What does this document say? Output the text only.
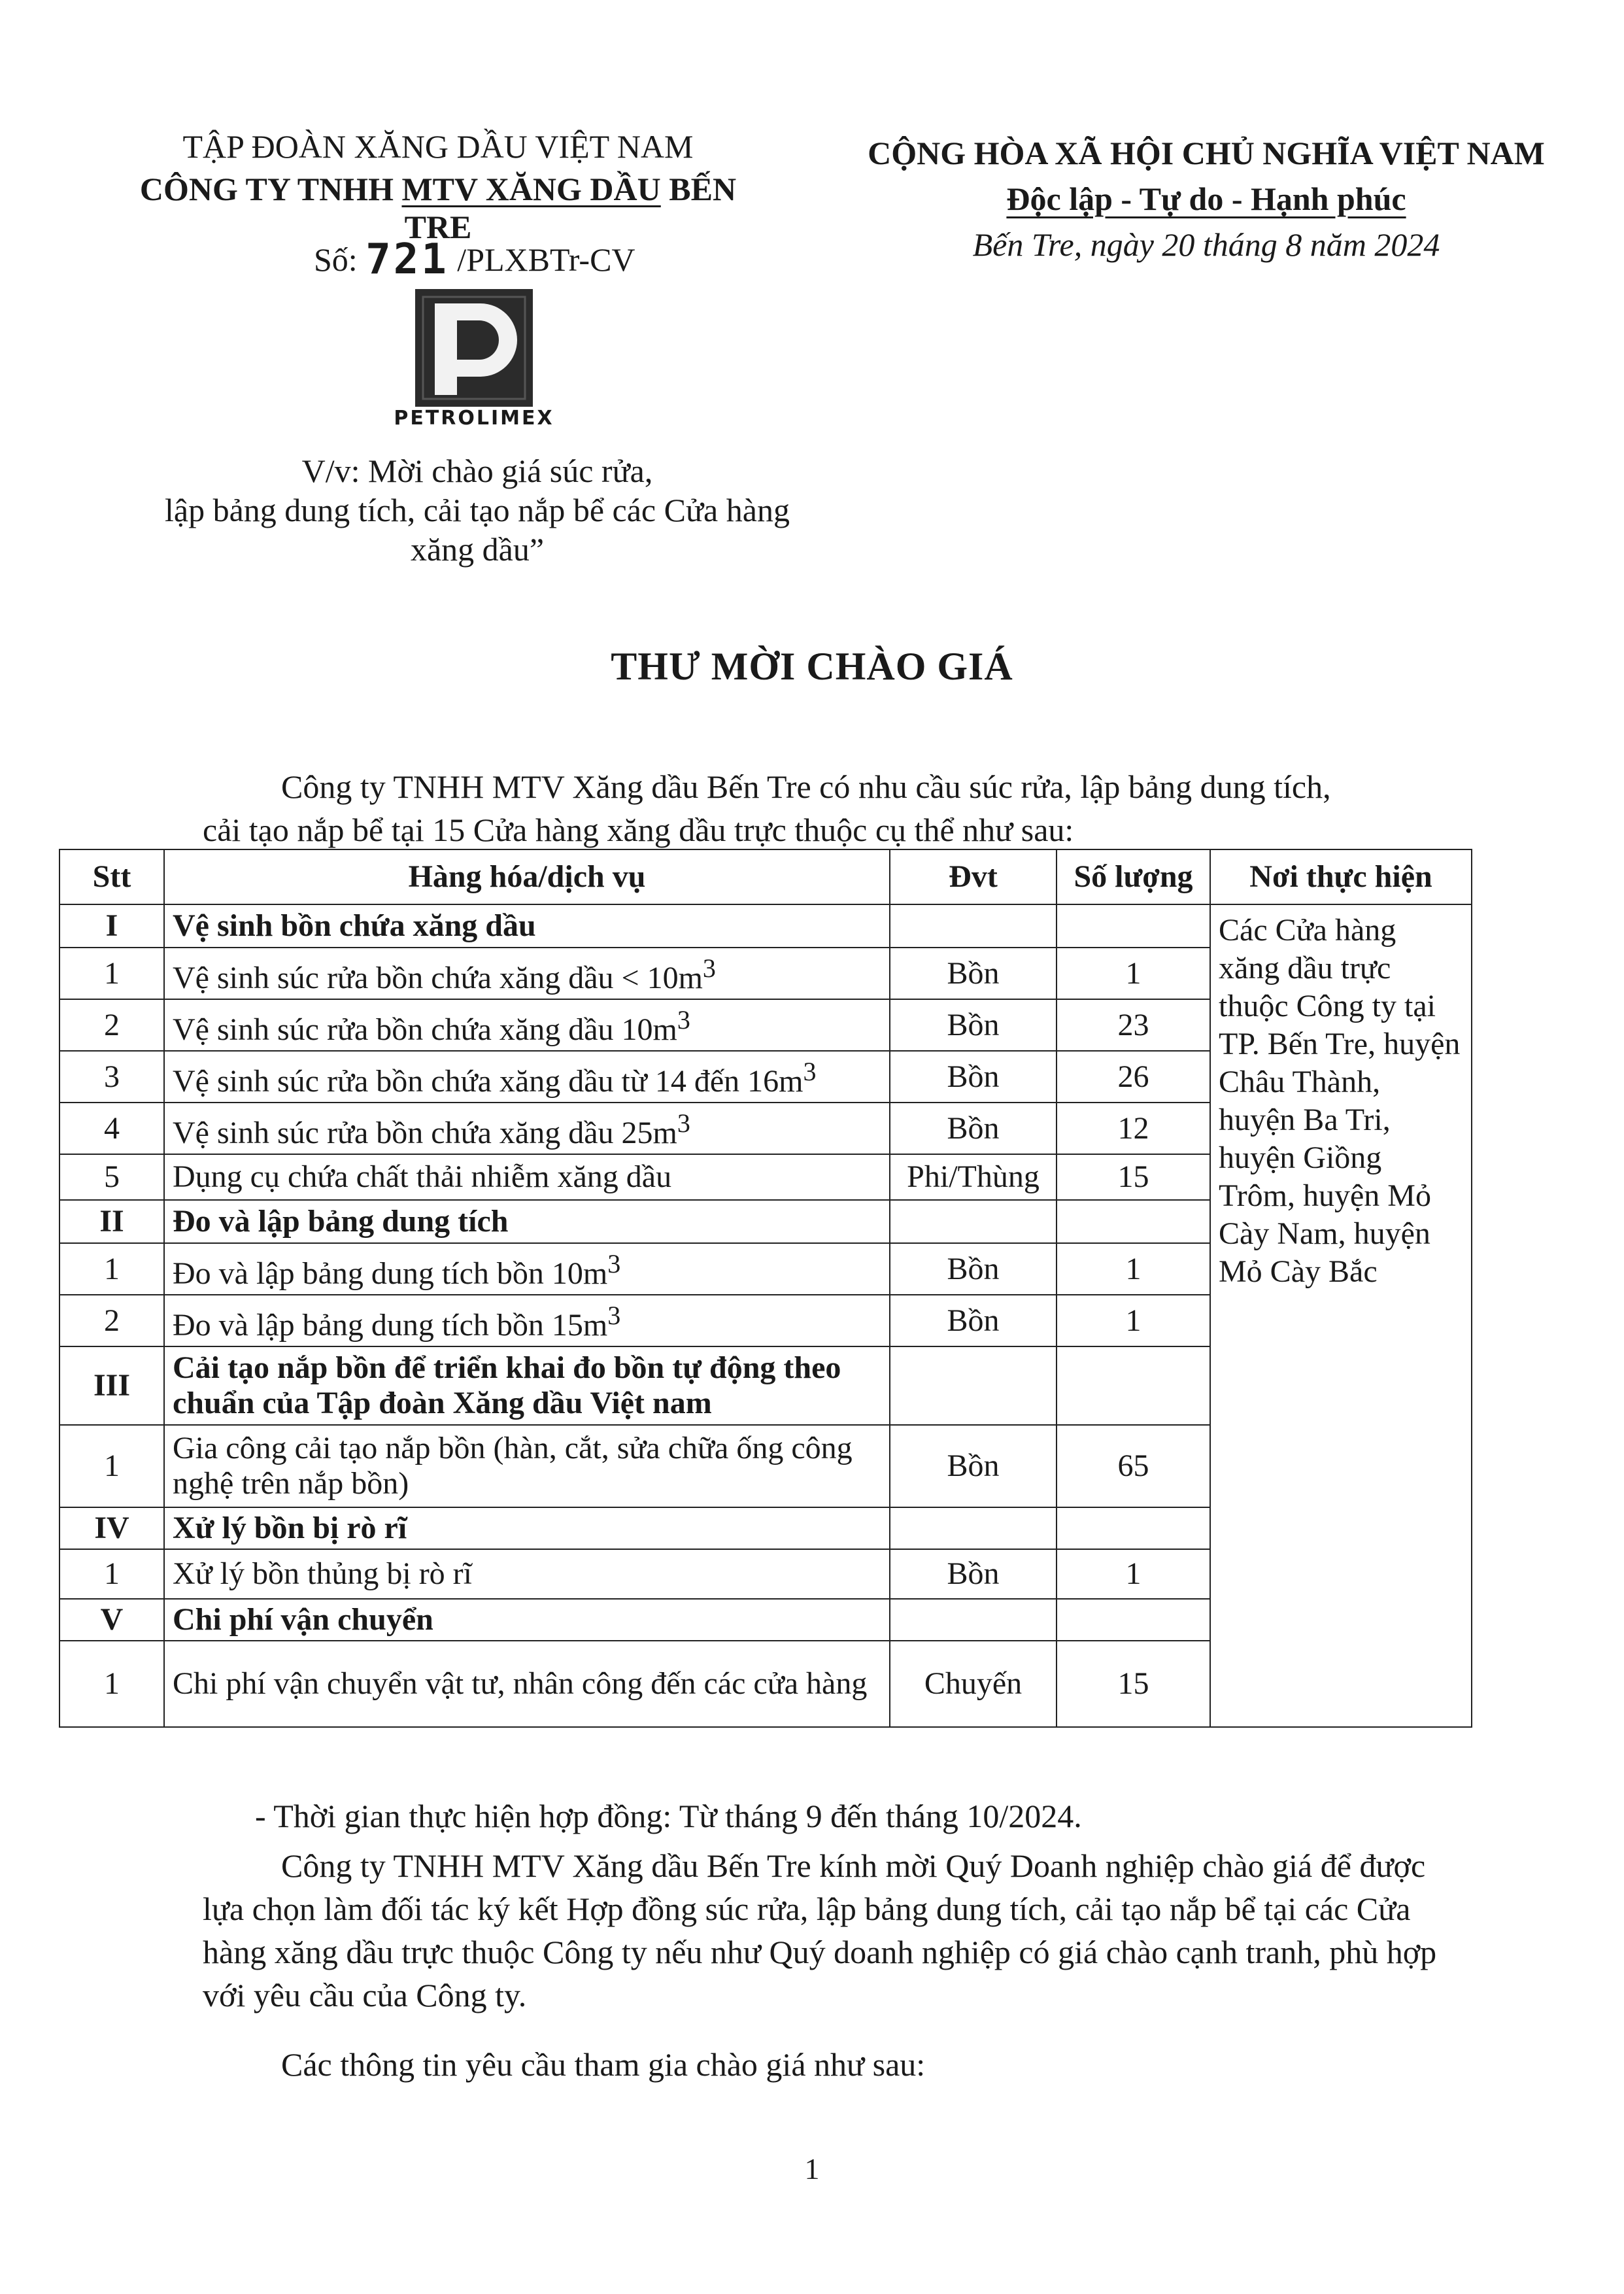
TẬP ĐOÀN XĂNG DẦU VIỆT NAM
CÔNG TY TNHH MTV XĂNG DẦU BẾN TRE
Số: 721 /PLXBTr-CV
PETROLIMEX
V/v: Mời chào giá súc rửa,
lập bảng dung tích, cải tạo nắp bể các Cửa hàng
xăng dầu”
CỘNG HÒA XÃ HỘI CHỦ NGHĨA VIỆT NAM
Độc lập - Tự do - Hạnh phúc
Bến Tre, ngày 20 tháng 8 năm 2024
THƯ MỜI CHÀO GIÁ
Công ty TNHH MTV Xăng dầu Bến Tre có nhu cầu súc rửa, lập bảng dung tích,
cải tạo nắp bể tại 15 Cửa hàng xăng dầu trực thuộc cụ thể như sau:
Stt	Hàng hóa/dịch vụ	Đvt	Số lượng	Nơi thực hiện
I	Vệ sinh bồn chứa xăng dầu			Các Cửa hàng xăng dầu trực thuộc Công ty tại TP. Bến Tre, huyện Châu Thành, huyện Ba Tri, huyện Giồng Trôm, huyện Mỏ Cày Nam, huyện Mỏ Cày Bắc
1	Vệ sinh súc rửa bồn chứa xăng dầu < $10m^3$	Bồn	1	
2	Vệ sinh súc rửa bồn chứa xăng dầu $10m^3$	Bồn	23	
3	Vệ sinh súc rửa bồn chứa xăng dầu từ 14 đến $16m^3$	Bồn	26	
4	Vệ sinh súc rửa bồn chứa xăng dầu $25m^3$	Bồn	12	
5	Dụng cụ chứa chất thải nhiễm xăng dầu	Phi/Thùng	15	
II	Đo và lập bảng dung tích			
1	Đo và lập bảng dung tích bồn $10m^3$	Bồn	1	
2	Đo và lập bảng dung tích bồn $15m^3$	Bồn	1	
III	Cải tạo nắp bồn để triển khai đo bồn tự động theo chuẩn của Tập đoàn Xăng dầu Việt nam			
1	Gia công cải tạo nắp bồn (hàn, cắt, sửa chữa ống công nghệ trên nắp bồn)	Bồn	65	
IV	Xử lý bồn bị rò rĩ			
1	Xử lý bồn thủng bị rò rĩ	Bồn	1	
V	Chi phí vận chuyển			
1	Chi phí vận chuyển vật tư, nhân công đến các cửa hàng	Chuyến	15	
- Thời gian thực hiện hợp đồng: Từ tháng 9 đến tháng 10/2024.
Công ty TNHH MTV Xăng dầu Bến Tre kính mời Quý Doanh nghiệp chào giá để được lựa chọn làm đối tác ký kết Hợp đồng súc rửa, lập bảng dung tích, cải tạo nắp bể tại các Cửa hàng xăng dầu trực thuộc Công ty nếu như Quý doanh nghiệp có giá chào cạnh tranh, phù hợp với yêu cầu của Công ty.
Các thông tin yêu cầu tham gia chào giá như sau:
1
